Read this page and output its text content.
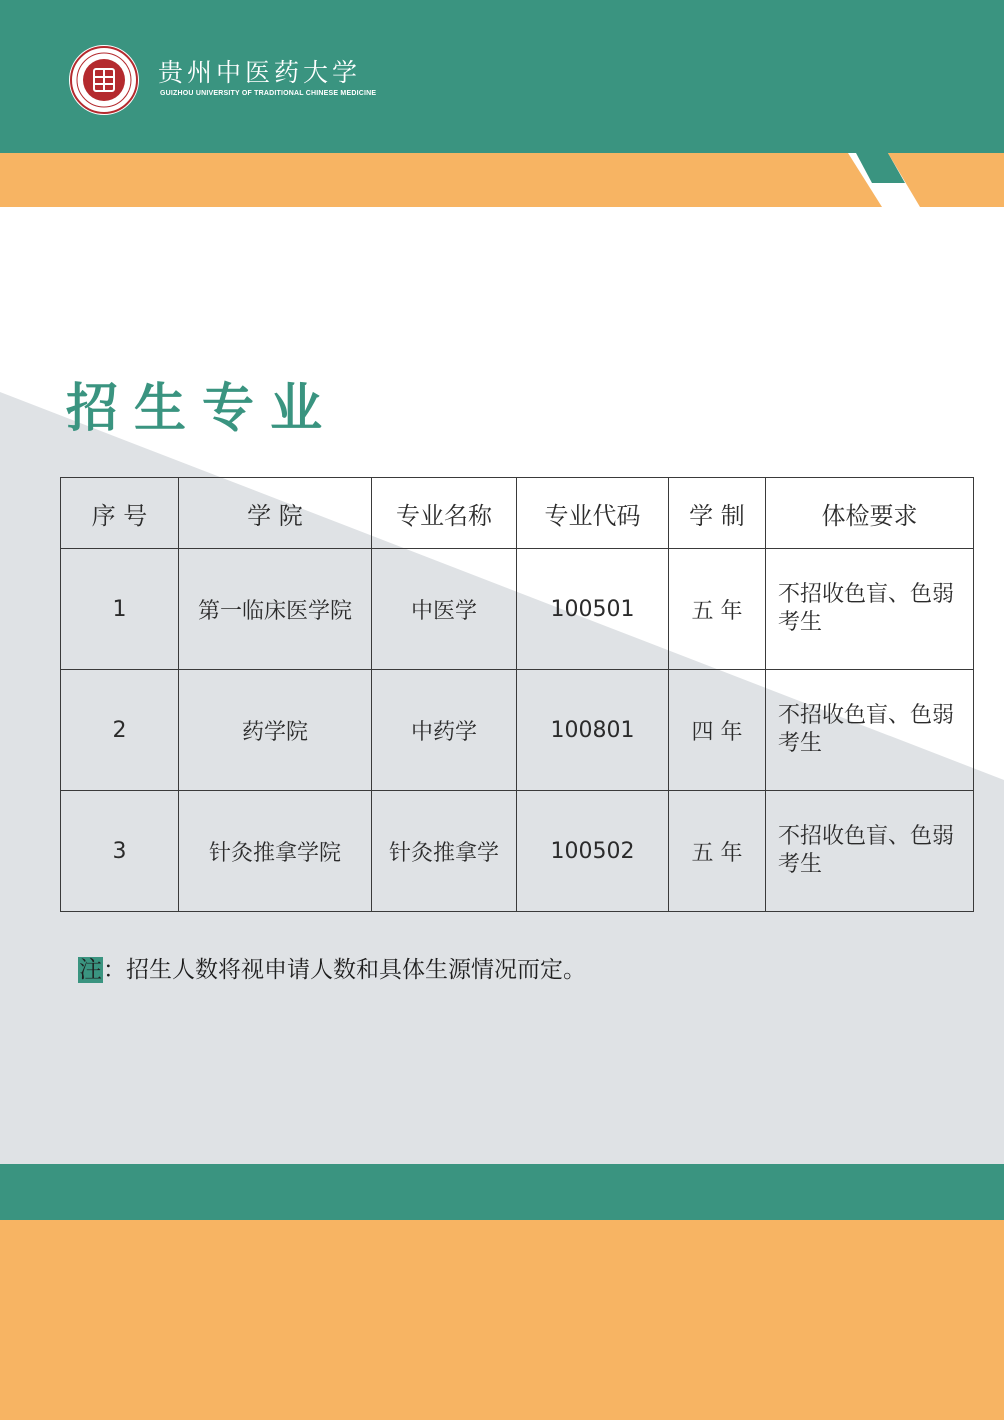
贵州中医药大学
GUIZHOU UNIVERSITY OF TRADITIONAL CHINESE MEDICINE
招生专业
序 号	学 院	专业名称	专业代码	学 制	体检要求
1	第一临床医学院	中医学	100501	五 年	不招收色盲、色弱考生
2	药学院	中药学	100801	四 年	不招收色盲、色弱考生
3	针灸推拿学院	针灸推拿学	100502	五 年	不招收色盲、色弱考生
注：招生人数将视申请人数和具体生源情况而定。
